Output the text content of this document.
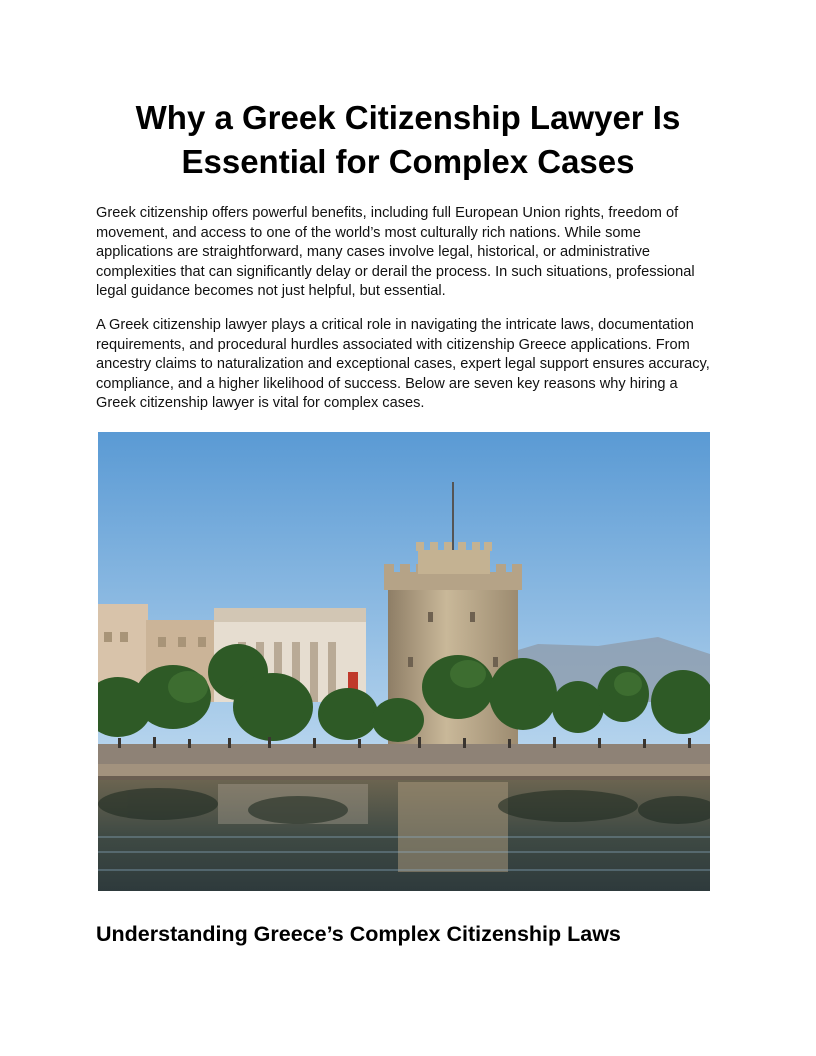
Why a Greek Citizenship Lawyer Is
Essential for Complex Cases

Greek citizenship offers powerful benefits, including full European Union rights, freedom of movement, and access to one of the world’s most culturally rich nations. While some applications are straightforward, many cases involve legal, historical, or administrative complexities that can significantly delay or derail the process. In such situations, professional legal guidance becomes not just helpful, but essential.

A Greek citizenship lawyer plays a critical role in navigating the intricate laws, documentation requirements, and procedural hurdles associated with citizenship Greece applications. From ancestry claims to naturalization and exceptional cases, expert legal support ensures accuracy, compliance, and a higher likelihood of success. Below are seven key reasons why hiring a Greek citizenship lawyer is vital for complex cases.

Understanding Greece’s Complex Citizenship Laws
